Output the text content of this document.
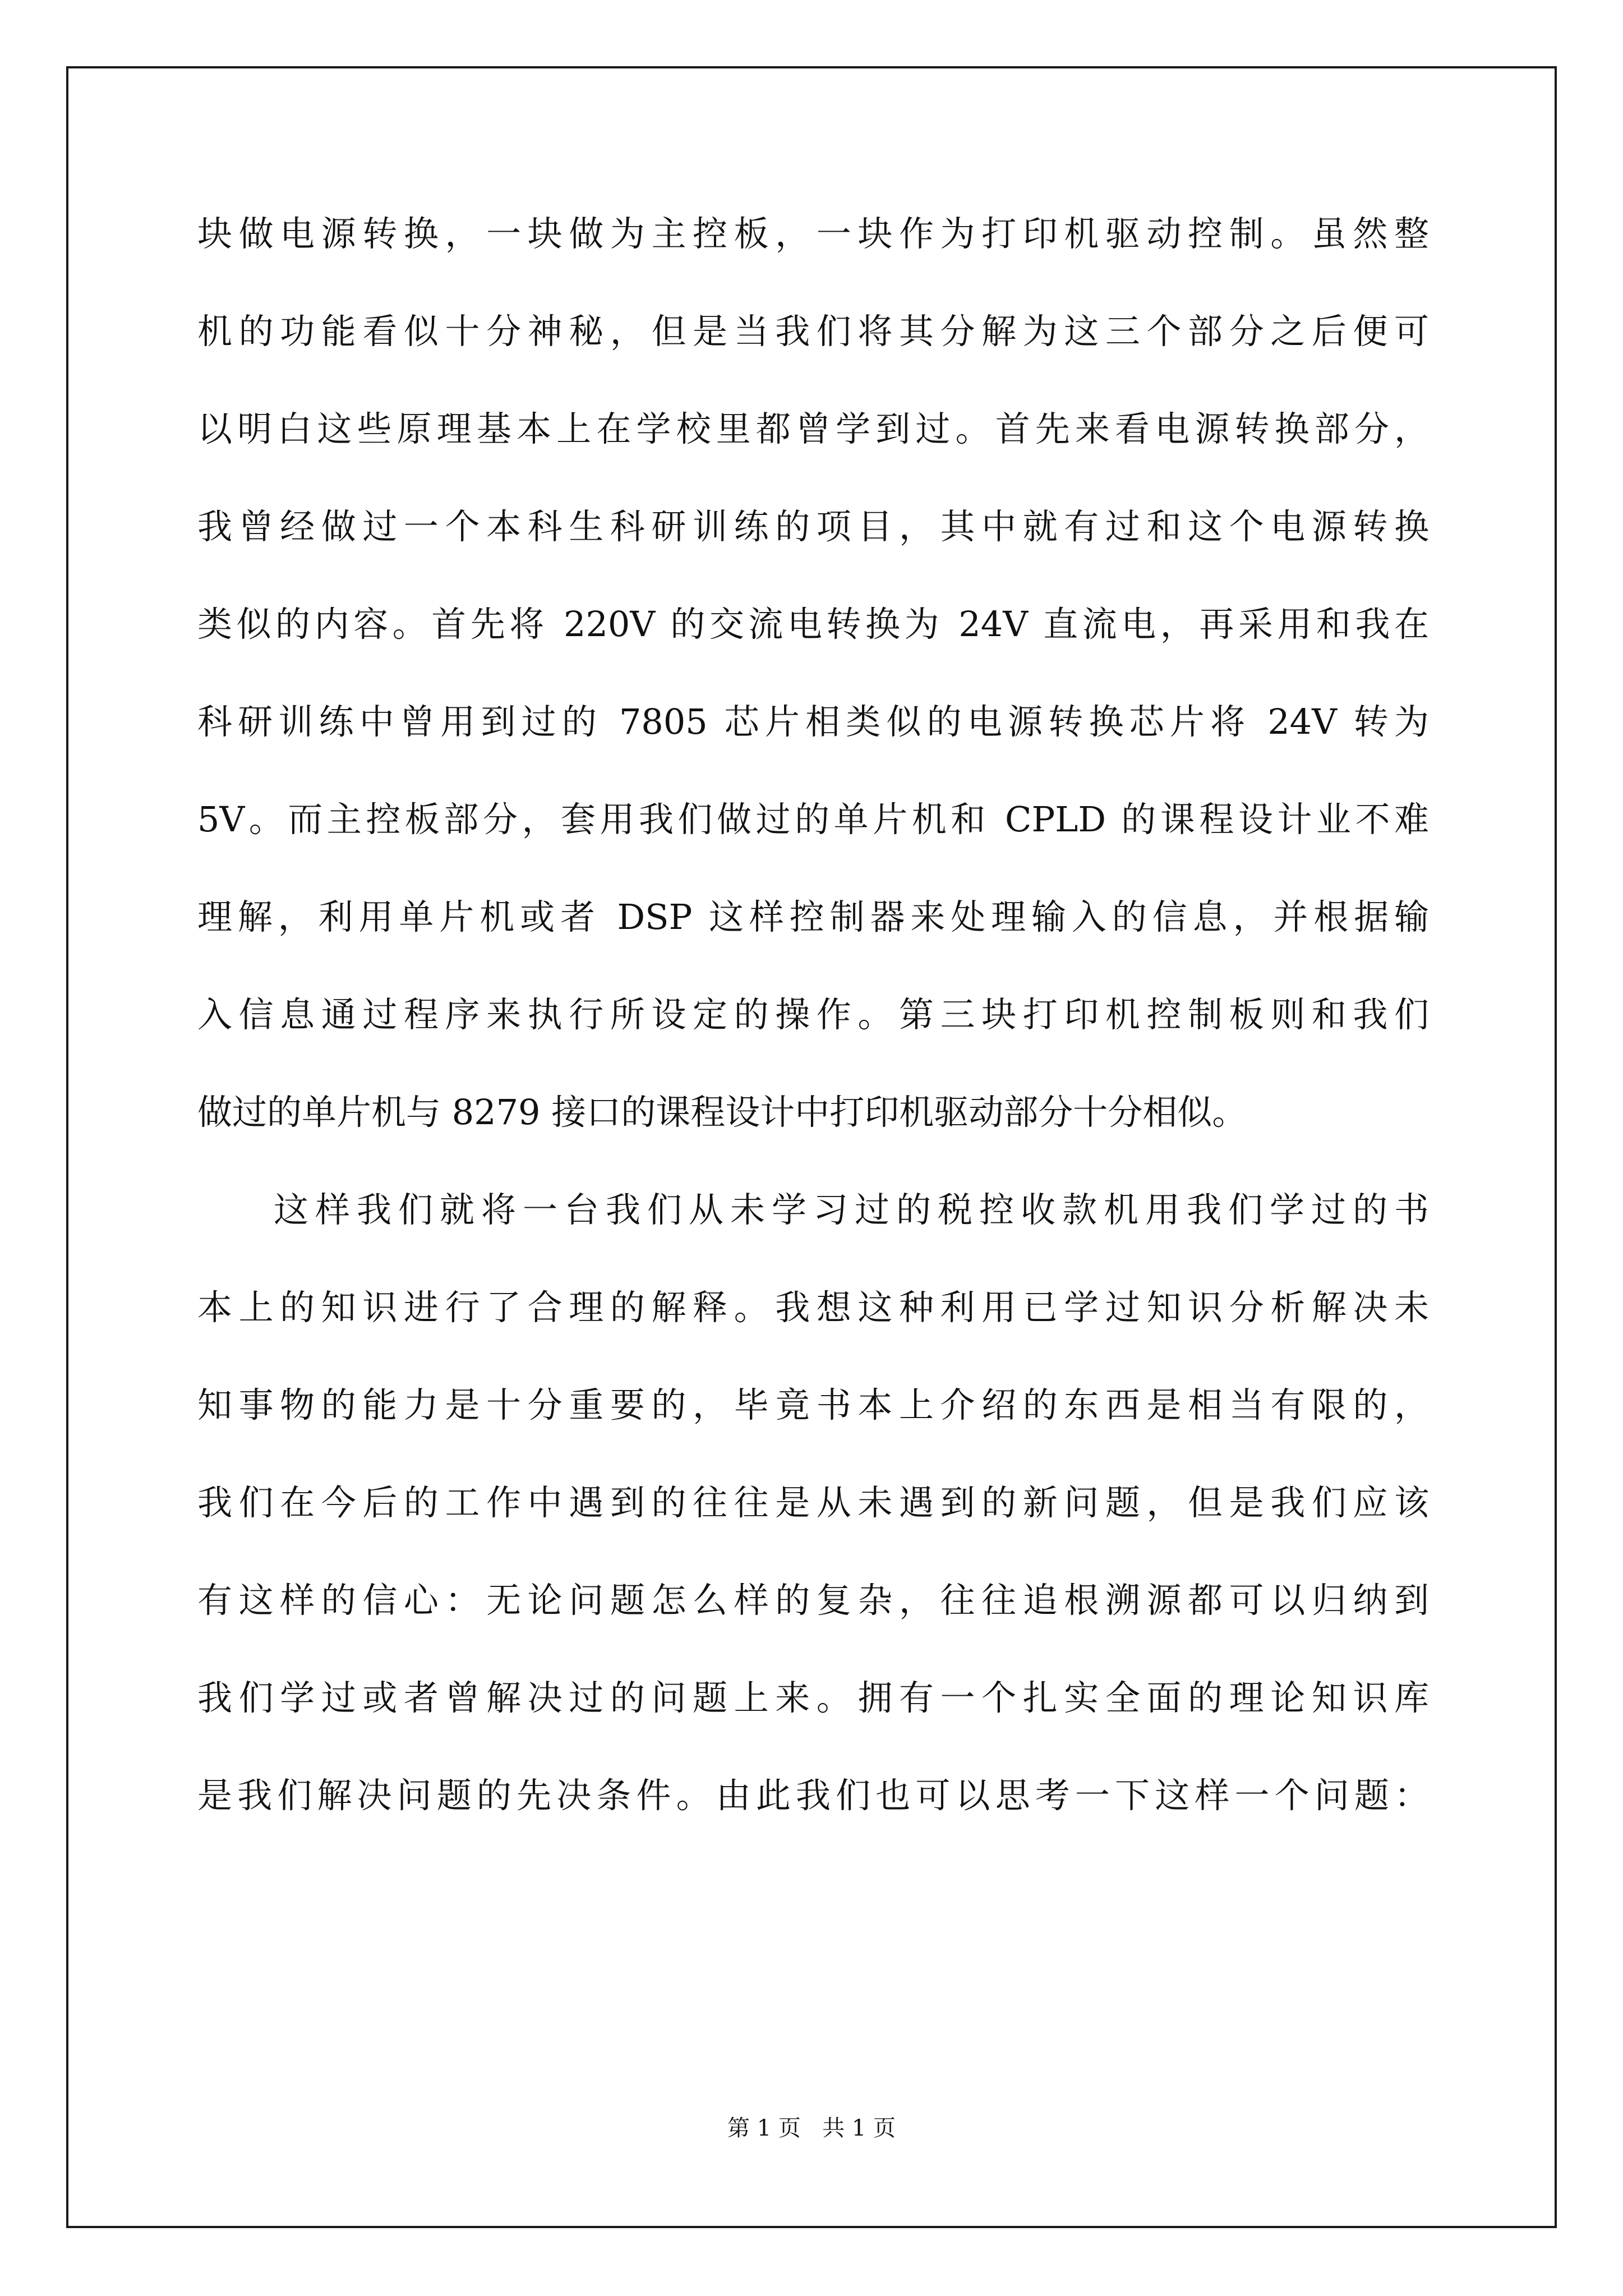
块做电源转换，一块做为主控板，一块作为打印机驱动控制。虽然整
机的功能看似十分神秘，但是当我们将其分解为这三个部分之后便可
以明白这些原理基本上在学校里都曾学到过。首先来看电源转换部分，
我曾经做过一个本科生科研训练的项目，其中就有过和这个电源转换
类似的内容。首先将 220V 的交流电转换为 24V 直流电，再采用和我在
科研训练中曾用到过的 7805 芯片相类似的电源转换芯片将 24V 转为
5V。而主控板部分，套用我们做过的单片机和 CPLD 的课程设计业不难
理解，利用单片机或者 DSP 这样控制器来处理输入的信息，并根据输
入信息通过程序来执行所设定的操作。第三块打印机控制板则和我们
做过的单片机与 8279 接口的课程设计中打印机驱动部分十分相似。
这样我们就将一台我们从未学习过的税控收款机用我们学过的书
本上的知识进行了合理的解释。我想这种利用已学过知识分析解决未
知事物的能力是十分重要的，毕竟书本上介绍的东西是相当有限的，
我们在今后的工作中遇到的往往是从未遇到的新问题，但是我们应该
有这样的信心：无论问题怎么样的复杂，往往追根溯源都可以归纳到
我们学过或者曾解决过的问题上来。拥有一个扎实全面的理论知识库
是我们解决问题的先决条件。由此我们也可以思考一下这样一个问题：
第 1 页   共 1 页
